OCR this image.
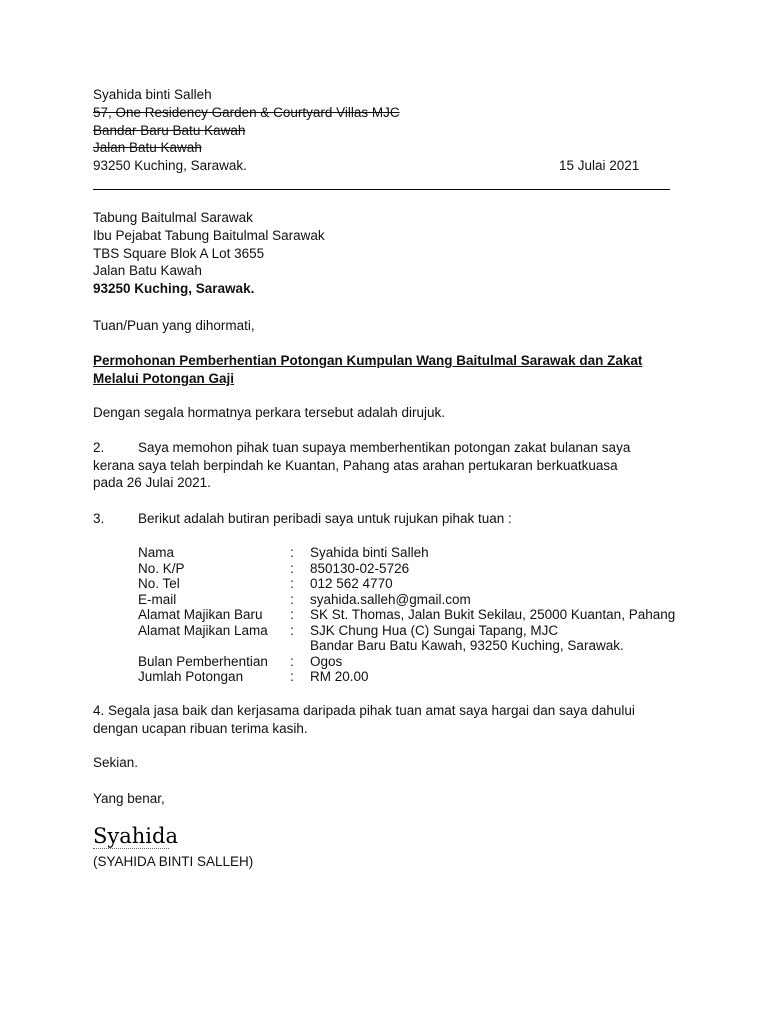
Syahida binti Salleh
57, One Residency Garden & Courtyard Villas MJC
Bandar Baru Batu Kawah
Jalan Batu Kawah
93250 Kuching, Sarawak.	15 Julai 2021
Tabung Baitulmal Sarawak
Ibu Pejabat Tabung Baitulmal Sarawak
TBS Square Blok A Lot 3655
Jalan Batu Kawah
93250 Kuching, Sarawak.
Tuan/Puan yang dihormati,
Permohonan Pemberhentian Potongan Kumpulan Wang Baitulmal Sarawak dan Zakat
Melalui Potongan Gaji
Dengan segala hormatnya perkara tersebut adalah dirujuk.
2. Saya memohon pihak tuan supaya memberhentikan potongan zakat bulanan saya
kerana saya telah berpindah ke Kuantan, Pahang atas arahan pertukaran berkuatkuasa
pada 26 Julai 2021.
3. Berikut adalah butiran peribadi saya untuk rujukan pihak tuan :
Nama	: Syahida binti Salleh
No. K/P	: 850130-02-5726
No. Tel	: 012 562 4770
E-mail	: syahida.salleh@gmail.com
Alamat Majikan Baru : SK St. Thomas, Jalan Bukit Sekilau, 25000 Kuantan, Pahang
Alamat Majikan Lama : SJK Chung Hua (C) Sungai Tapang, MJC
Bandar Baru Batu Kawah, 93250 Kuching, Sarawak.
Bulan Pemberhentian : Ogos
Jumlah Potongan	: RM 20.00
4. Segala jasa baik dan kerjasama daripada pihak tuan amat saya hargai dan saya dahului
dengan ucapan ribuan terima kasih.
Sekian.
Yang benar,
Syahida
(SYAHIDA BINTI SALLEH)
